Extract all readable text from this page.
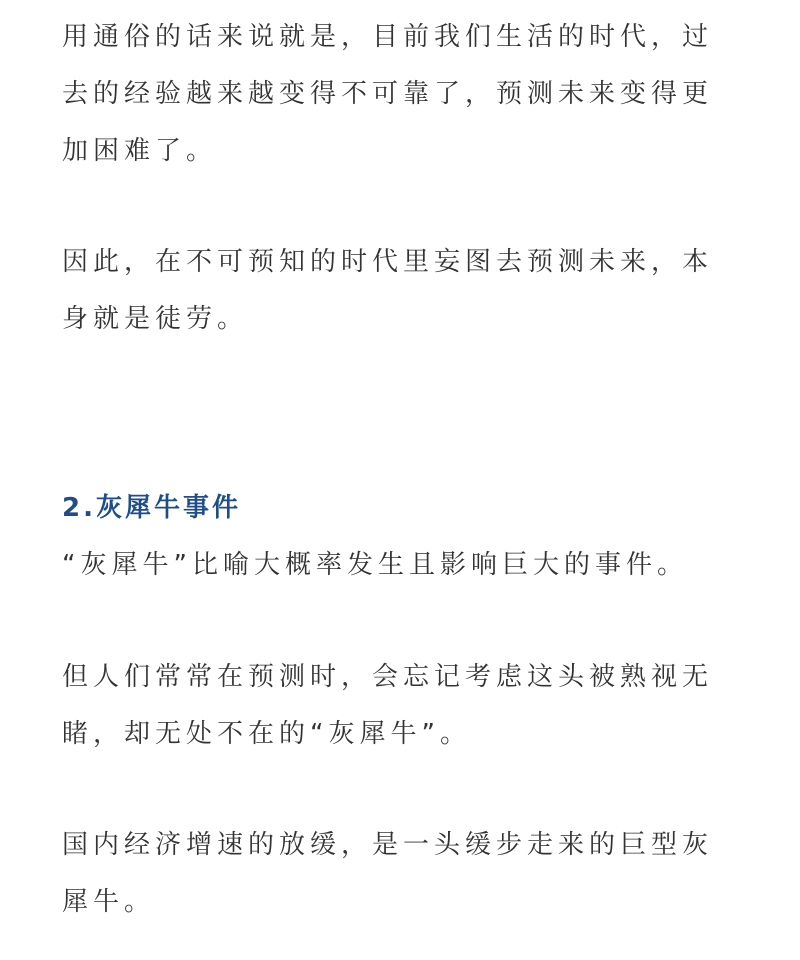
用通俗的话来说就是，目前我们生活的时代，过去的经验越来越变得不可靠了，预测未来变得更加困难了。

因此，在不可预知的时代里妄图去预测未来，本身就是徒劳。

2.灰犀牛事件

“灰犀牛”比喻大概率发生且影响巨大的事件。

但人们常常在预测时，会忘记考虑这头被熟视无睹，却无处不在的“灰犀牛”。

国内经济增速的放缓，是一头缓步走来的巨型灰犀牛。
